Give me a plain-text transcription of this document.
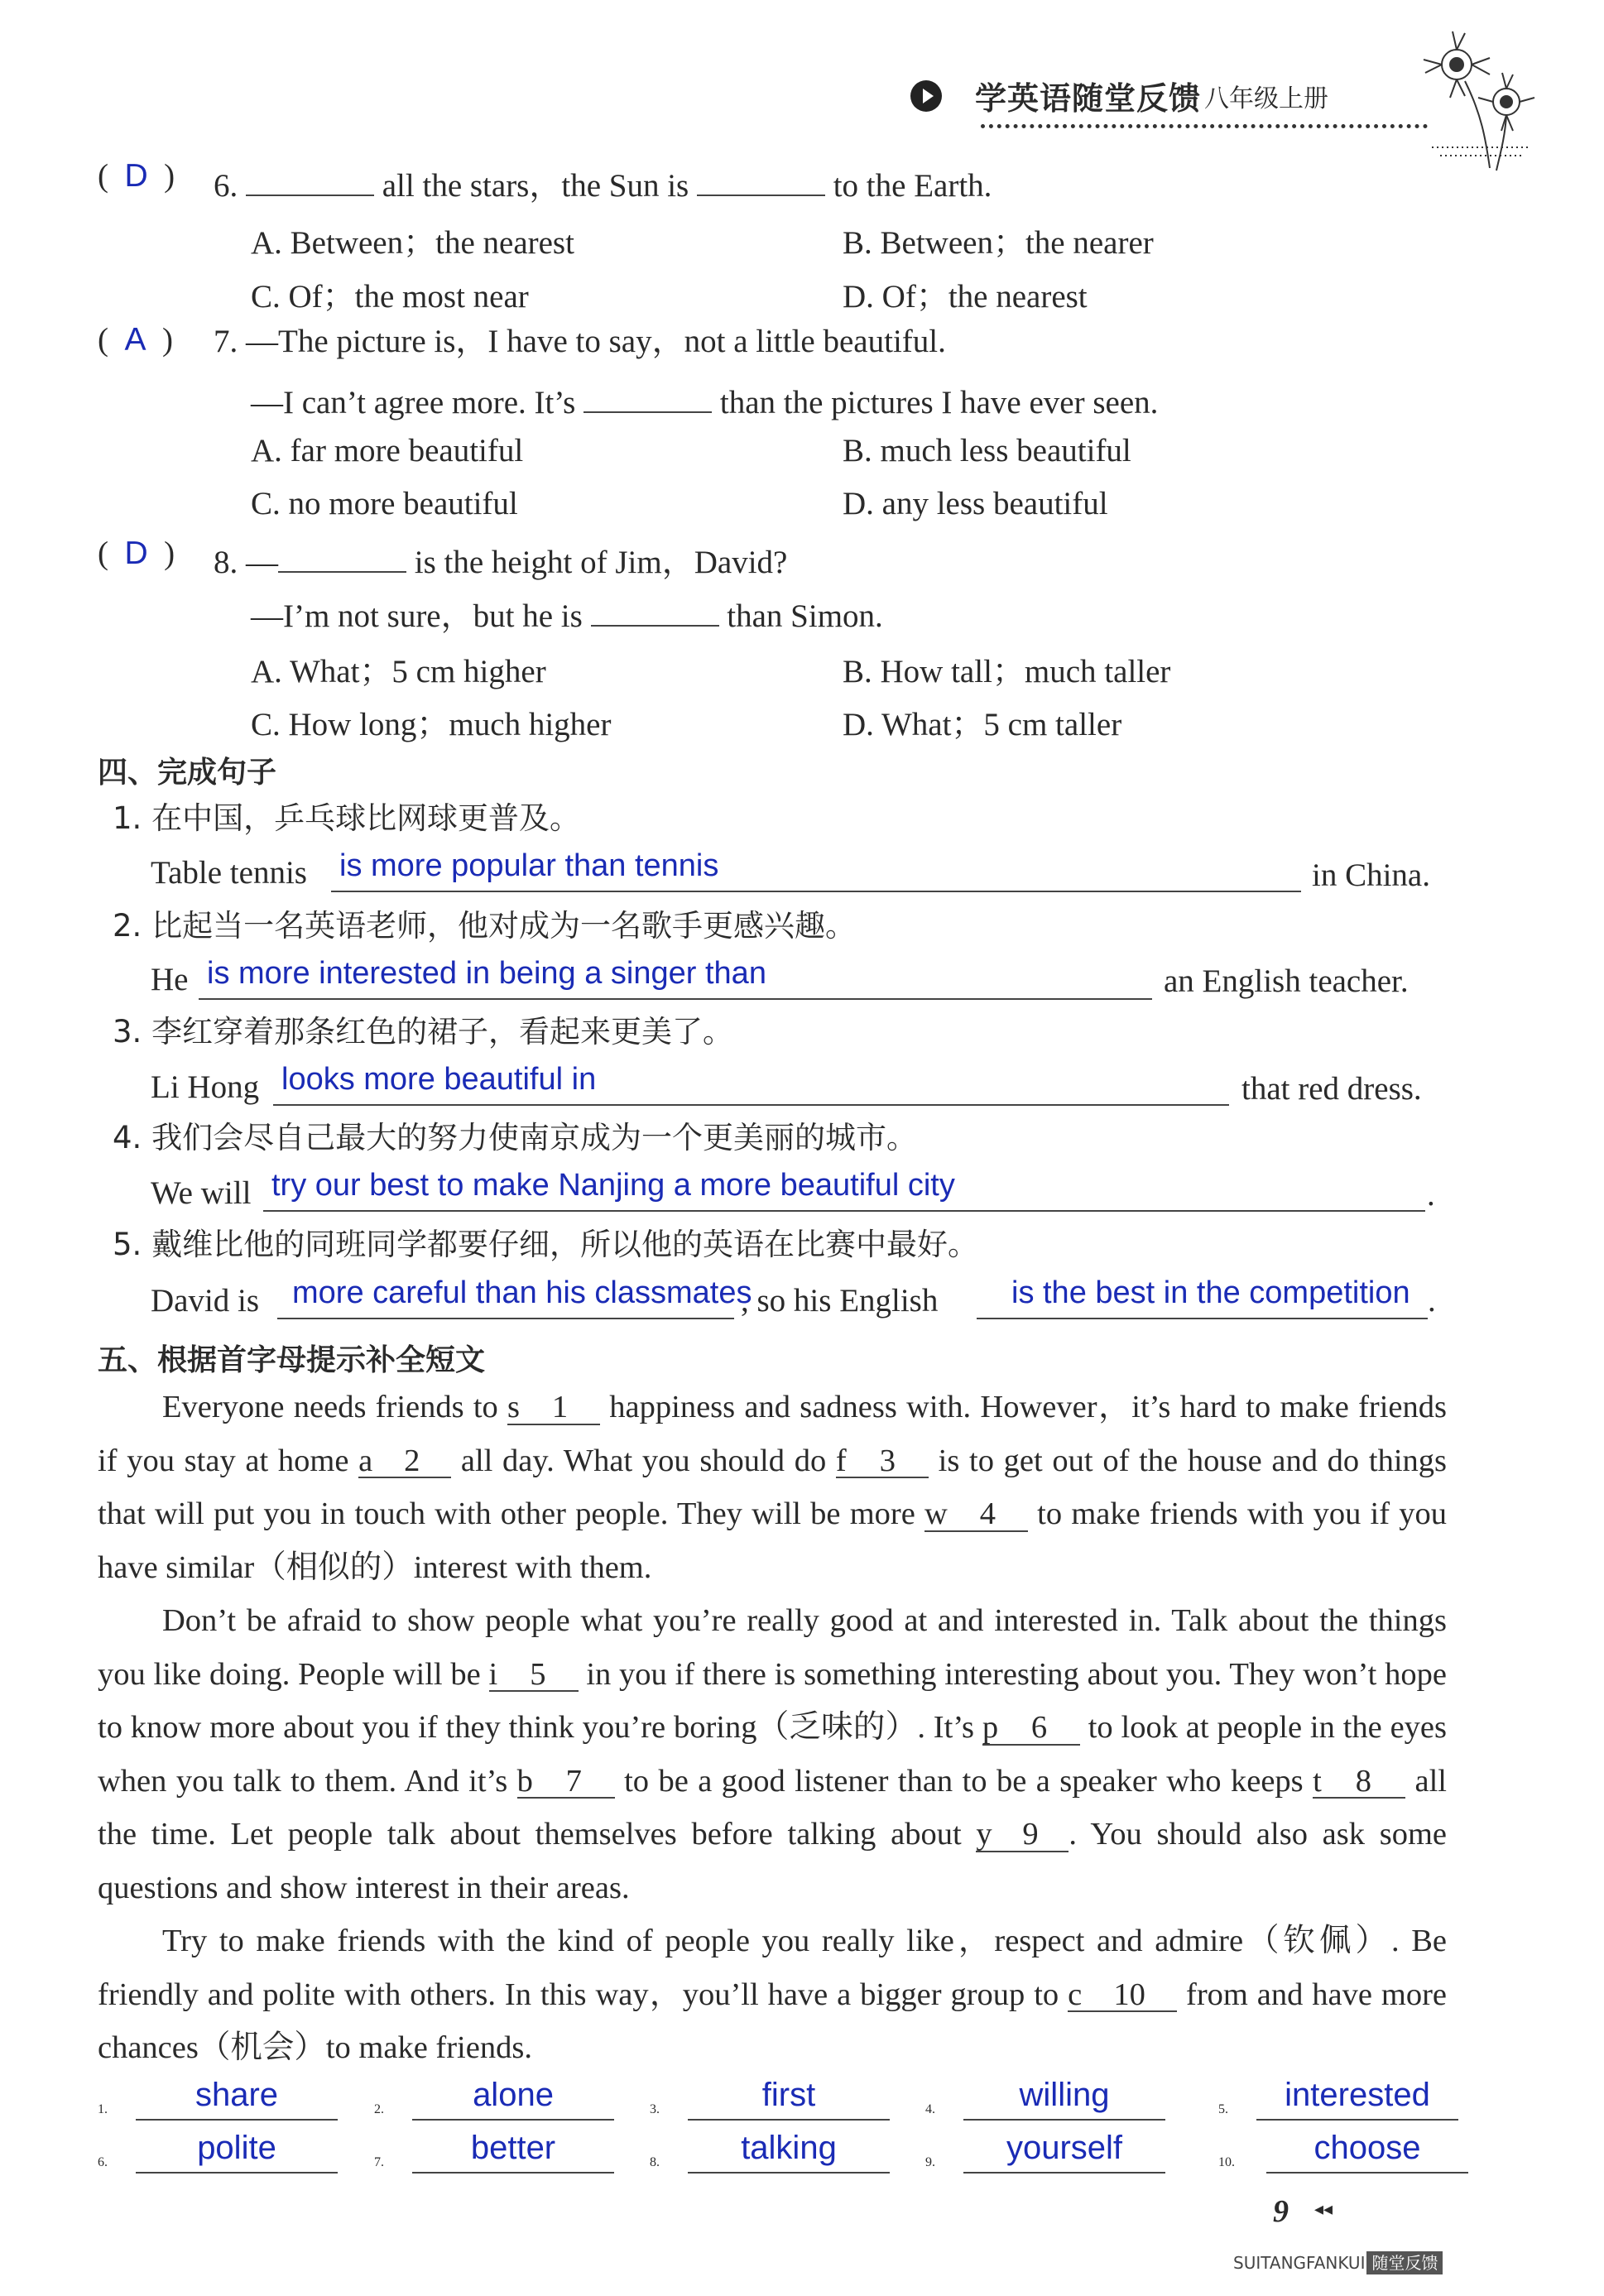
学英语随堂反馈 八年级上册
(  D  ) 6.	all the stars，the Sun is	to the Earth.
A. Between；the nearest	B. Between；the nearer
C. Of；the most near	D. Of；the nearest
(  A  ) 7. —The picture is，I have to say，not a little beautiful.
—I can’t agree more. It’s	than the pictures I have ever seen.
A. far more beautiful	B. much less beautiful
C. no more beautiful	D. any less beautiful
(  D  ) 8. —	is the height of Jim，David?
—I’m not sure，but he is	than Simon.
A. What；5 cm higher	B. How tall；much taller
C. How long；much higher	D. What；5 cm taller
四、完成句子
1. 在中国，乒乓球比网球更普及。
Table tennis is more popular than tennis	in China.
2. 比起当一名英语老师，他对成为一名歌手更感兴趣。
He is more interested in being a singer than	an English teacher.
3. 李红穿着那条红色的裙子，看起来更美了。
Li Hong looks more beautiful in	that red dress.
4. 我们会尽自己最大的努力使南京成为一个更美丽的城市。
We will try our best to make Nanjing a more beautiful city	.
5. 戴维比他的同班同学都要仔细，所以他的英语在比赛中最好。
David is more careful than his classmates
, so his English is the best in the competition .
五、根据首字母提示补全短文

Everyone needs friends to s 1 happiness and sadness with. However，it’s hard to make friends if you stay at home a 2 all day. What you should do f 3 is to get out of the house and do things that will put you in touch with other people. They will be more w 4 to make friends with you if you have similar（相似的）interest with them.

Don’t be afraid to show people what you’re really good at and interested in. Talk about the things you like doing. People will be i 5 in you if there is something interesting about you. They won’t hope to know more about you if they think you’re boring（乏味的）. It’s p 6 to look at people in the eyes when you talk to them. And it’s b 7 to be a good listener than to be a speaker who keeps t 8 all the time. Let people talk about themselves before talking about y 9 . You should also ask some questions and show interest in their areas.

Try to make friends with the kind of people you really like，respect and admire（钦佩）. Be friendly and polite with others. In this way，you’ll have a bigger group to c 10 from and have more chances（机会）to make friends.

1.	share	2.	alone	3.	first	4.	willing	5.	interested
6.	polite	7.	better	8.	talking	9.	yourself	10.	choose
9 ◂◂
SUITANGFANKUI 随堂反馈
